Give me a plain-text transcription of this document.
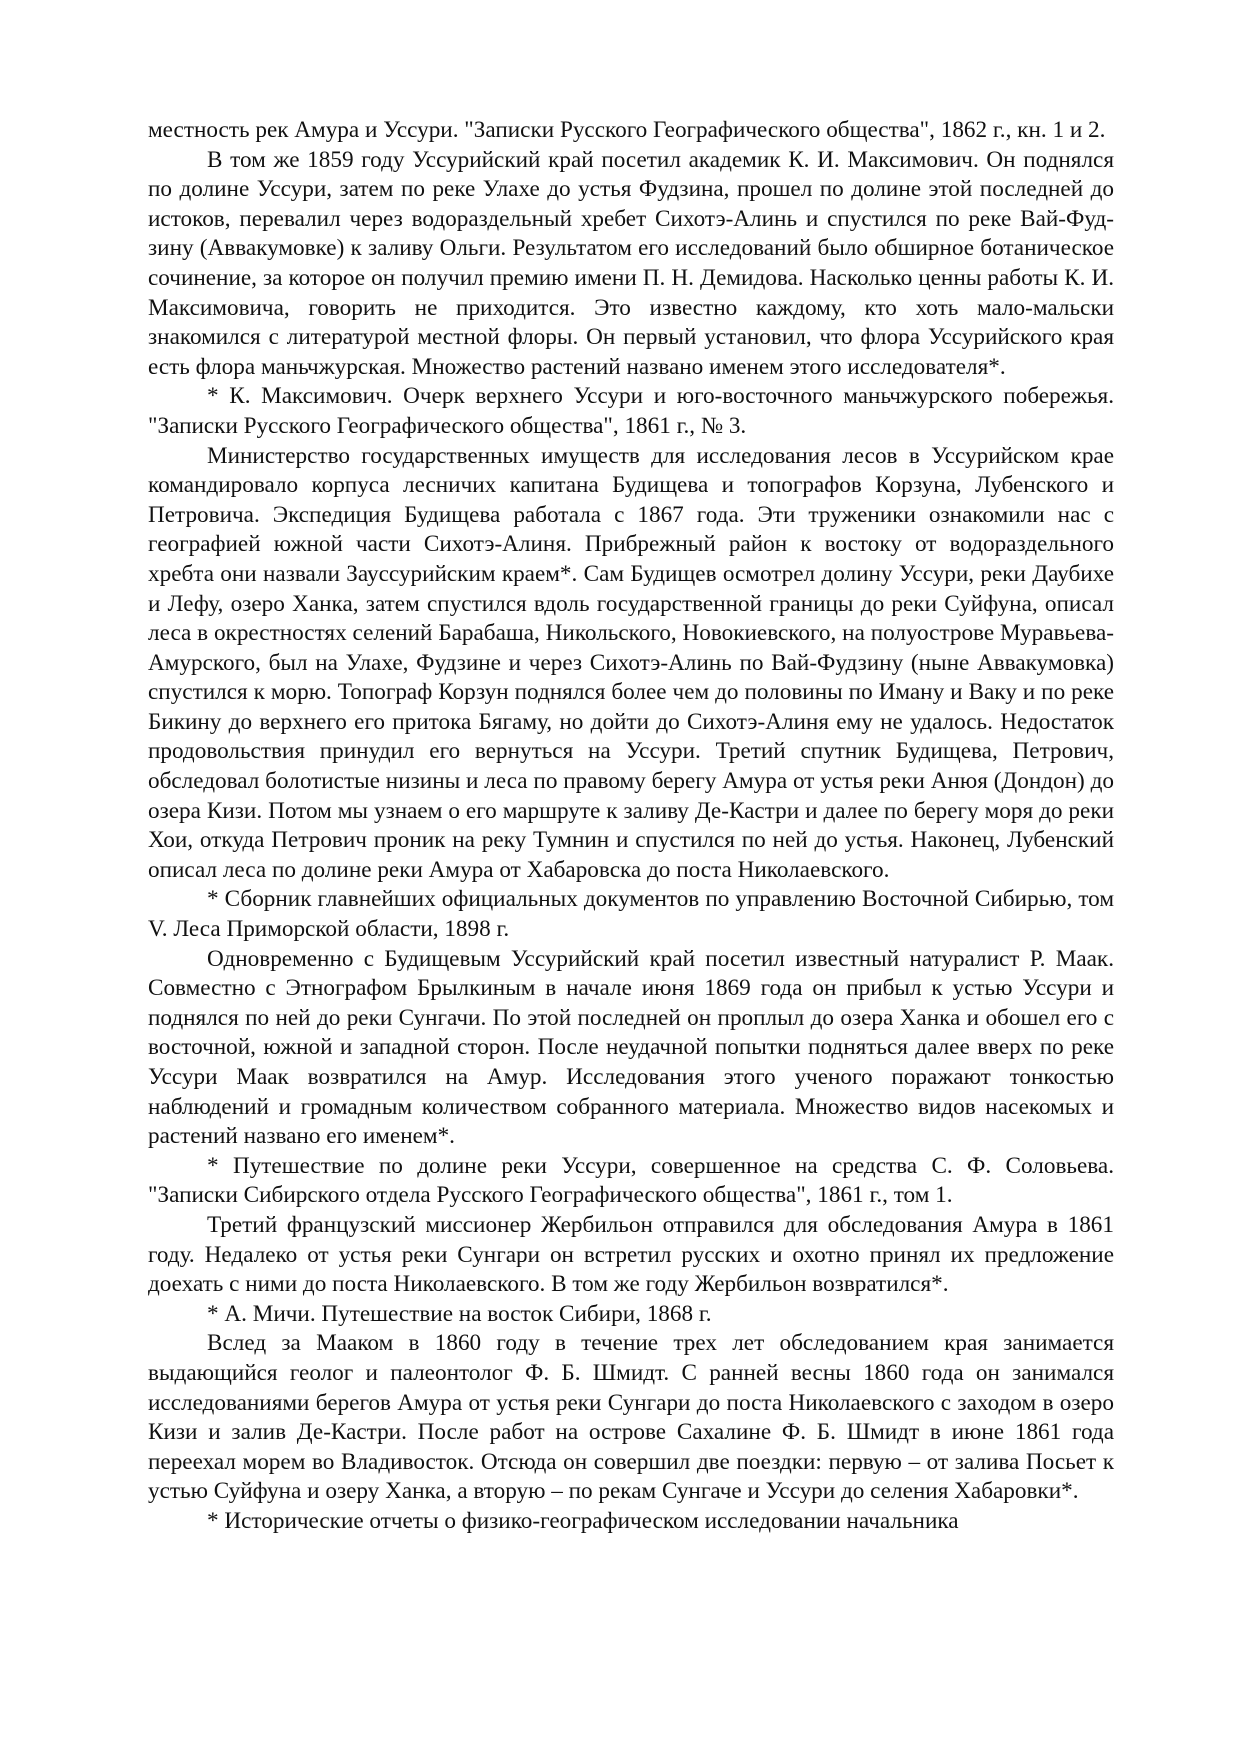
местность рек Амура и Уссури. "Записки Русского Географического общества", 1862 г., кн. 1 и 2.

В том же 1859 году Уссурийский край посетил академик К. И. Максимович. Он поднялся по долине Уссури, затем по реке Улахе до устья Фудзина, прошел по долине этой последней до истоков, перевалил через водораздельный хребет Сихотэ-Алинь и спустился по реке Вай-Фуд-зину (Аввакумовке) к заливу Ольги. Результатом его исследований было обширное ботаническое сочинение, за которое он получил премию имени П. Н. Демидова. Насколько ценны работы К. И. Максимовича, говорить не приходится. Это известно каждому, кто хоть мало-мальски знакомился с литературой местной флоры. Он первый установил, что флора Уссурийского края есть флора маньчжурская. Множество растений названо именем этого исследователя*.

* К. Максимович. Очерк верхнего Уссури и юго-восточного маньчжурского побережья. "Записки Русского Географического общества", 1861 г., № 3.

Министерство государственных имуществ для исследования лесов в Уссурийском крае командировало корпуса лесничих капитана Будищева и топографов Корзуна, Лубенского и Петровича. Экспедиция Будищева работала с 1867 года. Эти труженики ознакомили нас с географией южной части Сихотэ-Алиня. Прибрежный район к востоку от водораздельного хребта они назвали Зауссурийским краем*. Сам Будищев осмотрел долину Уссури, реки Даубихе и Лефу, озеро Ханка, затем спустился вдоль государственной границы до реки Суйфуна, описал леса в окрестностях селений Барабаша, Никольского, Новокиевского, на полуострове Муравьева-Амурского, был на Улахе, Фудзине и через Сихотэ-Алинь по Вай-Фудзину (ныне Аввакумовка) спустился к морю. Топограф Корзун поднялся более чем до половины по Иману и Ваку и по реке Бикину до верхнего его притока Бягаму, но дойти до Сихотэ-Алиня ему не удалось. Недостаток продовольствия принудил его вернуться на Уссури. Третий спутник Будищева, Петрович, обследовал болотистые низины и леса по правому берегу Амура от устья реки Анюя (Дондон) до озера Кизи. Потом мы узнаем о его маршруте к заливу Де-Кастри и далее по берегу моря до реки Хои, откуда Петрович проник на реку Тумнин и спустился по ней до устья. Наконец, Лубенский описал леса по долине реки Амура от Хабаровска до поста Николаевского.

* Сборник главнейших официальных документов по управлению Восточной Сибирью, том V. Леса Приморской области, 1898 г.

Одновременно с Будищевым Уссурийский край посетил известный натуралист Р. Маак. Совместно с Этнографом Брылкиным в начале июня 1869 года он прибыл к устью Уссури и поднялся по ней до реки Сунгачи. По этой последней он проплыл до озера Ханка и обошел его с восточной, южной и западной сторон. После неудачной попытки подняться далее вверх по реке Уссури Маак возвратился на Амур. Исследования этого ученого поражают тонкостью наблюдений и громадным количеством собранного материала. Множество видов насекомых и растений названо его именем*.

* Путешествие по долине реки Уссури, совершенное на средства С. Ф. Соловьева. "Записки Сибирского отдела Русского Географического общества", 1861 г., том 1.

Третий французский миссионер Жербильон отправился для обследования Амура в 1861 году. Недалеко от устья реки Сунгари он встретил русских и охотно принял их предложение доехать с ними до поста Николаевского. В том же году Жербильон возвратился*.

* А. Мичи. Путешествие на восток Сибири, 1868 г.

Вслед за Мааком в 1860 году в течение трех лет обследованием края занимается выдающийся геолог и палеонтолог Ф. Б. Шмидт. С ранней весны 1860 года он занимался исследованиями берегов Амура от устья реки Сунгари до поста Николаевского с заходом в озеро Кизи и залив Де-Кастри. После работ на острове Сахалине Ф. Б. Шмидт в июне 1861 года переехал морем во Владивосток. Отсюда он совершил две поездки: первую – от залива Посьет к устью Суйфуна и озеру Ханка, а вторую – по рекам Сунгаче и Уссури до селения Хабаровки*.

* Исторические отчеты о физико-географическом исследовании начальника
